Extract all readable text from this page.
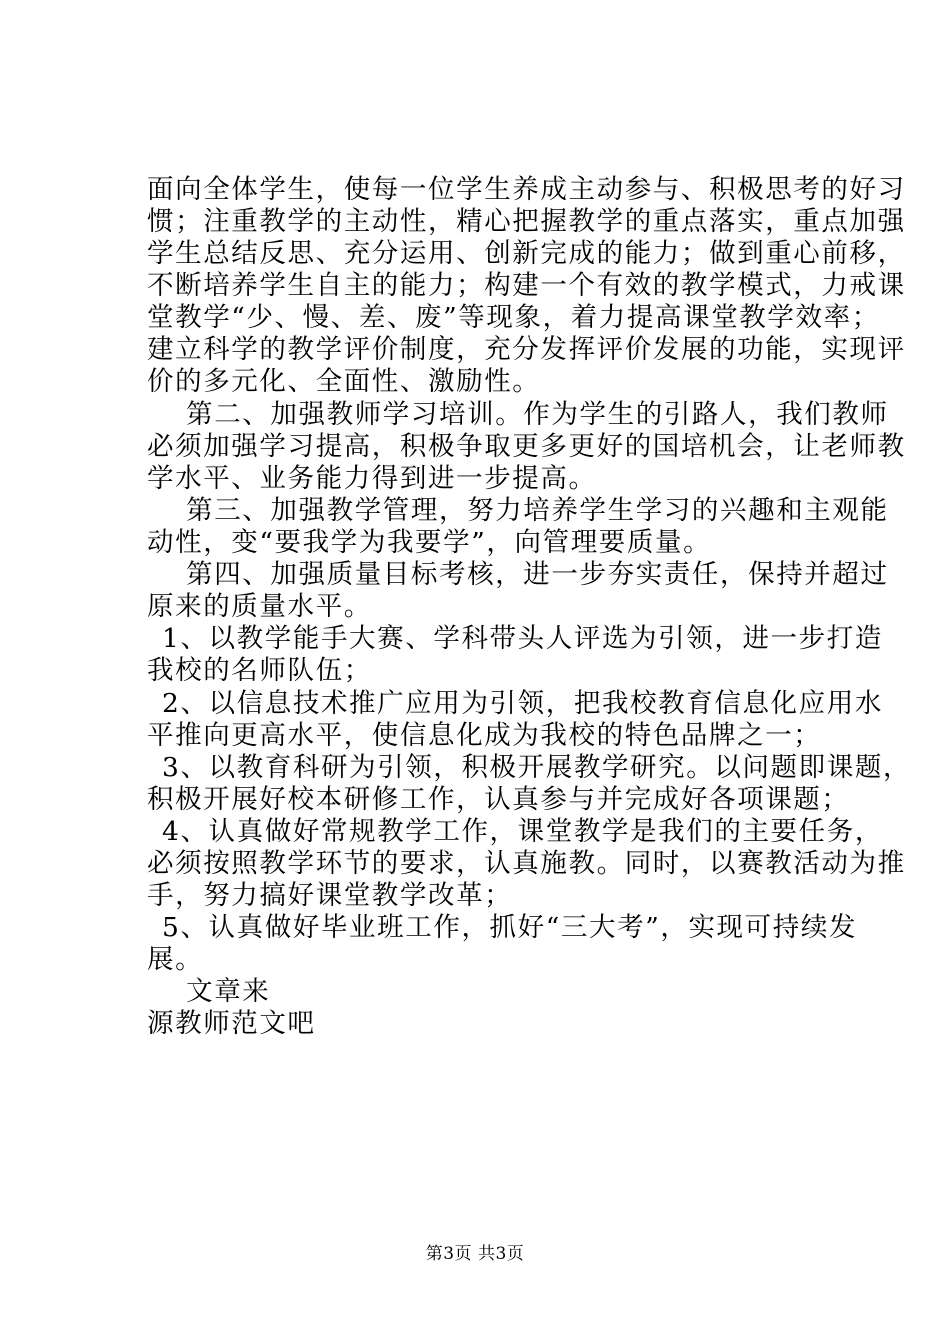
面向全体学生，使每一位学生养成主动参与、积极思考的好习
惯；注重教学的主动性，精心把握教学的重点落实，重点加强
学生总结反思、充分运用、创新完成的能力；做到重心前移，
不断培养学生自主的能力；构建一个有效的教学模式，力戒课
堂教学“少、慢、差、废”等现象，着力提高课堂教学效率；
建立科学的教学评价制度，充分发挥评价发展的功能，实现评
价的多元化、全面性、激励性。
　第二、加强教师学习培训。作为学生的引路人，我们教师
必须加强学习提高，积极争取更多更好的国培机会，让老师教
学水平、业务能力得到进一步提高。
　第三、加强教学管理，努力培养学生学习的兴趣和主观能
动性，变“要我学为我要学”，向管理要质量。
　第四、加强质量目标考核，进一步夯实责任，保持并超过
原来的质量水平。
1、以教学能手大赛、学科带头人评选为引领，进一步打造
我校的名师队伍；
2、以信息技术推广应用为引领，把我校教育信息化应用水
平推向更高水平，使信息化成为我校的特色品牌之一；
3、以教育科研为引领，积极开展教学研究。以问题即课题，
积极开展好校本研修工作，认真参与并完成好各项课题；
4、认真做好常规教学工作，课堂教学是我们的主要任务，
必须按照教学环节的要求，认真施教。同时，以赛教活动为推
手，努力搞好课堂教学改革；
5、认真做好毕业班工作，抓好“三大考”，实现可持续发
展。
　文章来
源教师范文吧
第3页 共3页
